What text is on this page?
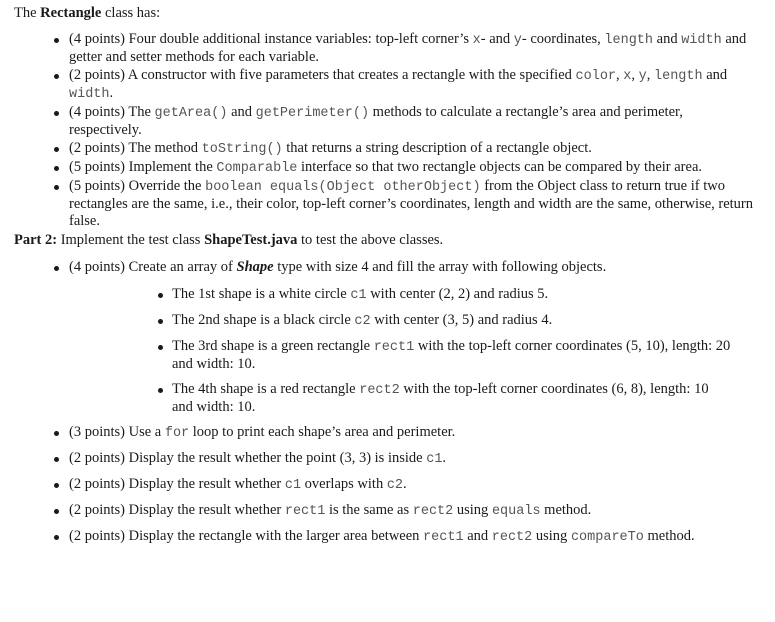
The Rectangle class has:

(4 points) Four double additional instance variables: top-left corner’s x- and y- coordinates, length and width and getter and setter methods for each variable.
(2 points) A constructor with five parameters that creates a rectangle with the specified color, x, y, length and width.
(4 points) The getArea() and getPerimeter() methods to calculate a rectangle’s area and perimeter, respectively.
(2 points) The method toString() that returns a string description of a rectangle object.
(5 points) Implement the Comparable interface so that two rectangle objects can be compared by their area.
(5 points) Override the boolean equals(Object otherObject) from the Object class to return true if two rectangles are the same, i.e., their color, top-left corner’s coordinates, length and width are the same, otherwise, return false.

Part 2: Implement the test class ShapeTest.java to test the above classes.

(4 points) Create an array of Shape type with size 4 and fill the array with following objects.
The 1st shape is a white circle c1 with center (2, 2) and radius 5.
The 2nd shape is a black circle c2 with center (3, 5) and radius 4.
The 3rd shape is a green rectangle rect1 with the top-left corner coordinates (5, 10), length: 20 and width: 10.
The 4th shape is a red rectangle rect2 with the top-left corner coordinates (6, 8), length: 10 and width: 10.
(3 points) Use a for loop to print each shape’s area and perimeter.
(2 points) Display the result whether the point (3, 3) is inside c1.
(2 points) Display the result whether c1 overlaps with c2.
(2 points) Display the result whether rect1 is the same as rect2 using equals method.
(2 points) Display the rectangle with the larger area between rect1 and rect2 using compareTo method.
